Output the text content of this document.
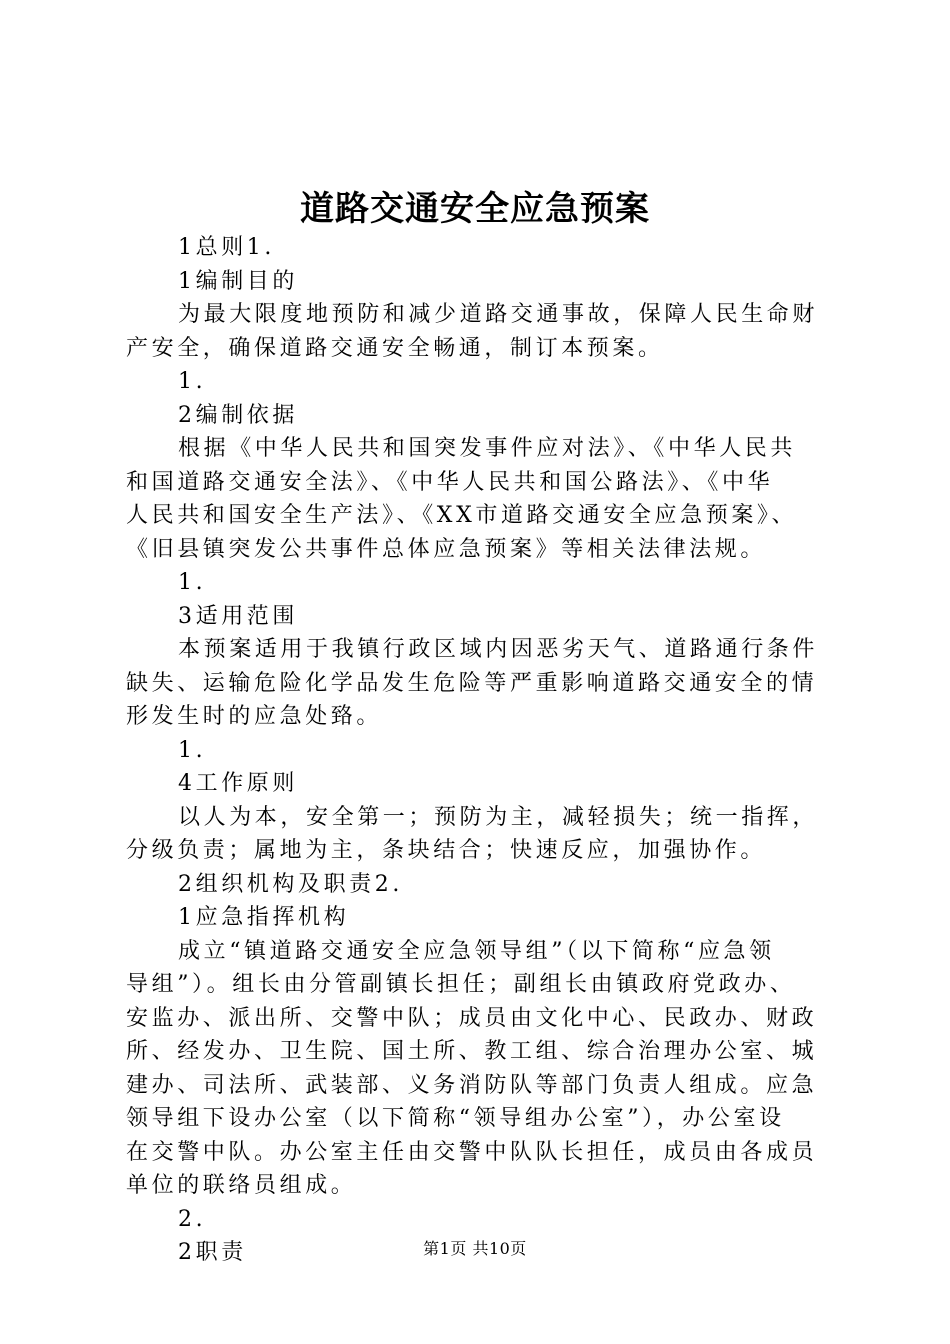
道路交通安全应急预案
1总则1.
1编制目的
为最大限度地预防和减少道路交通事故，保障人民生命财
产安全，确保道路交通安全畅通，制订本预案。
1.
2编制依据
根据《中华人民共和国突发事件应对法》、《中华人民共
和国道路交通安全法》、《中华人民共和国公路法》、《中华
人民共和国安全生产法》、《XX市道路交通安全应急预案》、
《旧县镇突发公共事件总体应急预案》等相关法律法规。
1.
3适用范围
本预案适用于我镇行政区域内因恶劣天气、道路通行条件
缺失、运输危险化学品发生危险等严重影响道路交通安全的情
形发生时的应急处臵。
1.
4工作原则
以人为本，安全第一；预防为主，减轻损失；统一指挥，
分级负责；属地为主，条块结合；快速反应，加强协作。
2组织机构及职责2.
1应急指挥机构
成立“镇道路交通安全应急领导组”（以下简称“应急领
导组”）。组长由分管副镇长担任；副组长由镇政府党政办、
安监办、派出所、交警中队；成员由文化中心、民政办、财政
所、经发办、卫生院、国土所、教工组、综合治理办公室、城
建办、司法所、武装部、义务消防队等部门负责人组成。应急
领导组下设办公室（以下简称“领导组办公室”），办公室设
在交警中队。办公室主任由交警中队队长担任，成员由各成员
单位的联络员组成。
2.
2职责	第1页 共10页
